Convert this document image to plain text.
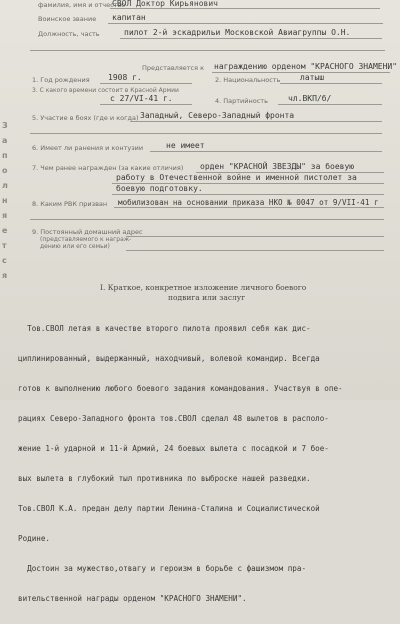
Заполняется
фамилия, имя и отчество
СВОЛ Доктор Кирьянович
Воинское звание капитан
Должность, часть	пилот 2-й эскадрильи Московской Авиагруппы О.Н.
Представляется к награждению орденом "КРАСНОГО ЗНАМЕНИ"
1. Год рождения 1908 г.	2. Национальность латыш
3. С какого времени состоит в Красной Армии
с 27/VI-41 г.	4. Партийность	чл.ВКП/б/
5. Участие в боях (где и когда) Западный, Северо-Западный фронта
6. Имеет ли ранения и контузии	не имеет
7. Чем ранее награжден (за какие отличия) орден "КРАСНОЙ ЗВЕЗДЫ" за боевую
работу в Отечественной войне и именной пистолет за
боевую подготовку.
8. Каким РВК призван мобилизован на основании приказа НКО № 0047 от 9/VII-41 г
9. Постоянный домашний адрес
(представляемого к награж-
дению или его семьи)
I. Краткое, конкретное изложение личного боевого
подвига или заслуг

Тов.СВОЛ летая в качестве второго пилота проявил себя как дис-

циплинированный, выдержанный, находчивый, волевой командир. Всегда

готов к выполнению любого боевого задания командования. Участвуя в опе-

рациях Северо-Западного фронта тов.СВОЛ сделал 48 вылетов в располо-

жение 1-й ударной и 11-й Армий, 24 боевых вылета с посадкой и 7 бое-

вых вылета в глубокий тыл противника по выброске нашей разведки.

Тов.СВОЛ К.А. предан делу партии Ленина-Сталина и Социалистической

Родине.

Достоин за мужество,отвагу и героизм в борьбе с фашизмом пра-

вительственной награды орденом "КРАСНОГО ЗНАМЕНИ".
